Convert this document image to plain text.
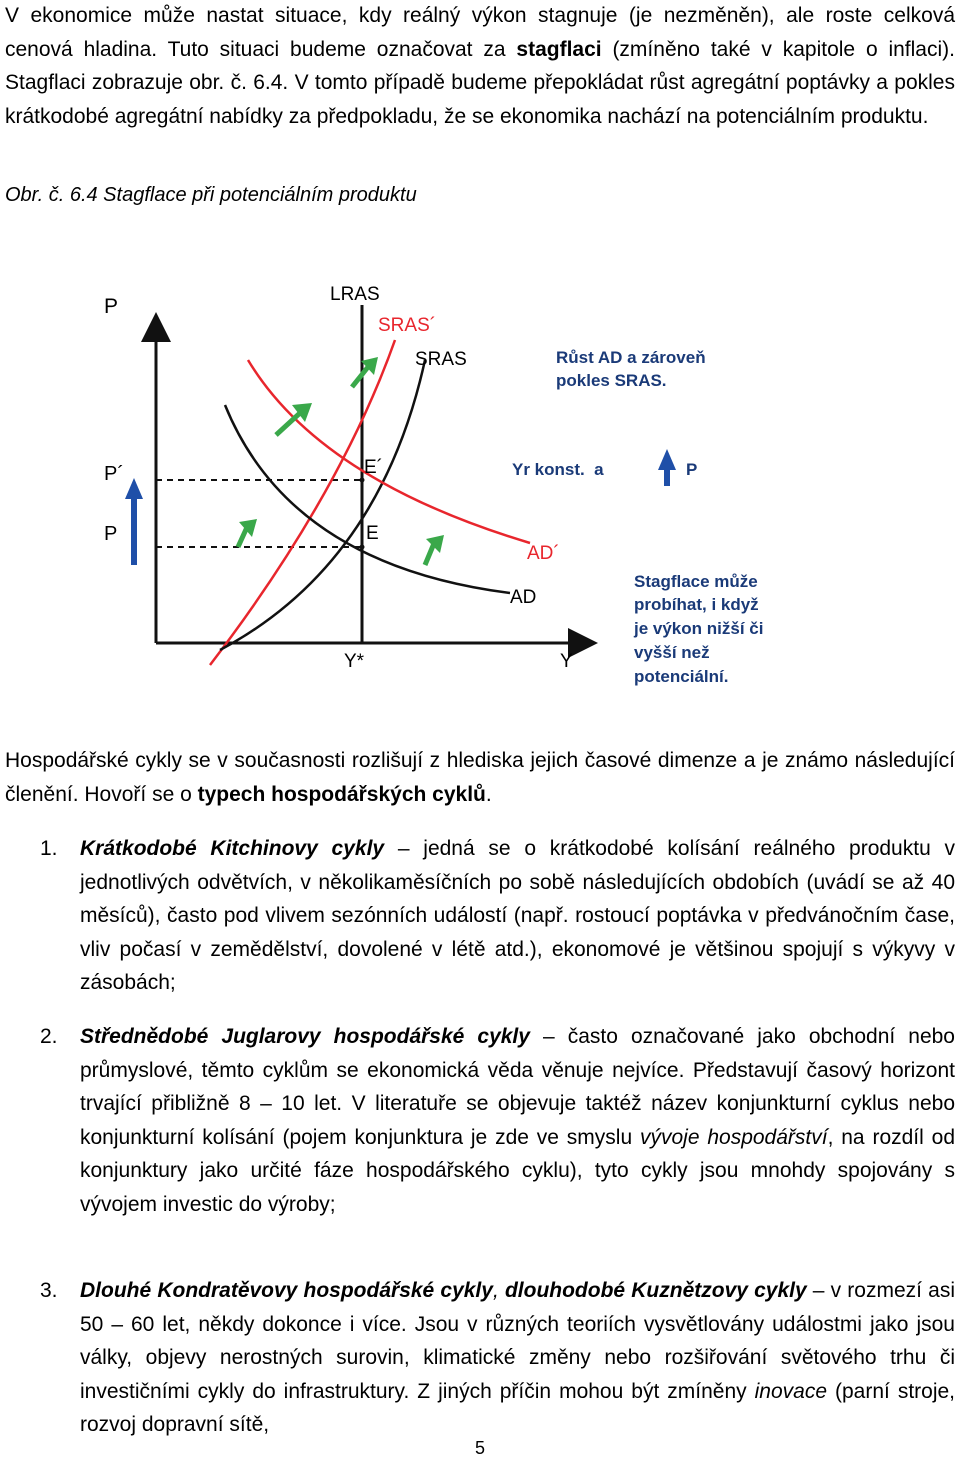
V ekonomice může nastat situace, kdy reálný výkon stagnuje (je nezměněn), ale roste celková cenová hladina. Tuto situaci budeme označovat za stagflaci (zmíněno také v kapitole o inflaci). Stagflaci zobrazuje obr. č. 6.4. V tomto případě budeme přepokládat růst agregátní poptávky a pokles krátkodobé agregátní nabídky za předpokladu, že se ekonomika nachází na potenciálním produktu.

Obr. č. 6.4 Stagflace při potenciálním produktu

P
Y
LRAS
SRAS´
SRAS
P´
P
E´
E
AD´
AD
Y*
Růst AD a zároveň pokles SRAS.
Yr konst.  a	P
Stagflace může probíhat, i když je výkon nižší či vyšší než potenciální.

Hospodářské cykly se v současnosti rozlišují z hlediska jejich časové dimenze a je známo následující členění. Hovoří se o typech hospodářských cyklů.

1. Krátkodobé Kitchinovy cykly – jedná se o krátkodobé kolísání reálného produktu v jednotlivých odvětvích, v několikaměsíčních po sobě následujících obdobích (uvádí se až 40 měsíců), často pod vlivem sezónních událostí (např. rostoucí poptávka v předvánočním čase, vliv počasí v zemědělství, dovolené v létě atd.), ekonomové je většinou spojují s výkyvy v zásobách;
2. Střednědobé Juglarovy hospodářské cykly – často označované jako obchodní nebo průmyslové, těmto cyklům se ekonomická věda věnuje nejvíce. Představují časový horizont trvající přibližně 8 – 10 let. V literatuře se objevuje taktéž název konjunkturní cyklus nebo konjunkturní kolísání (pojem konjunktura je zde ve smyslu vývoje hospodářství, na rozdíl od konjunktury jako určité fáze hospodářského cyklu), tyto cykly jsou mnohdy spojovány s vývojem investic do výroby;
3. Dlouhé Kondratěvovy hospodářské cykly, dlouhodobé Kuznětzovy cykly – v rozmezí asi 50 – 60 let, někdy dokonce i více. Jsou v různých teoriích vysvětlovány událostmi jako jsou války, objevy nerostných surovin, klimatické změny nebo rozšiřování světového trhu či investičními cykly do infrastruktury. Z jiných příčin mohou být zmíněny inovace (parní stroje, rozvoj dopravní sítě,
5
